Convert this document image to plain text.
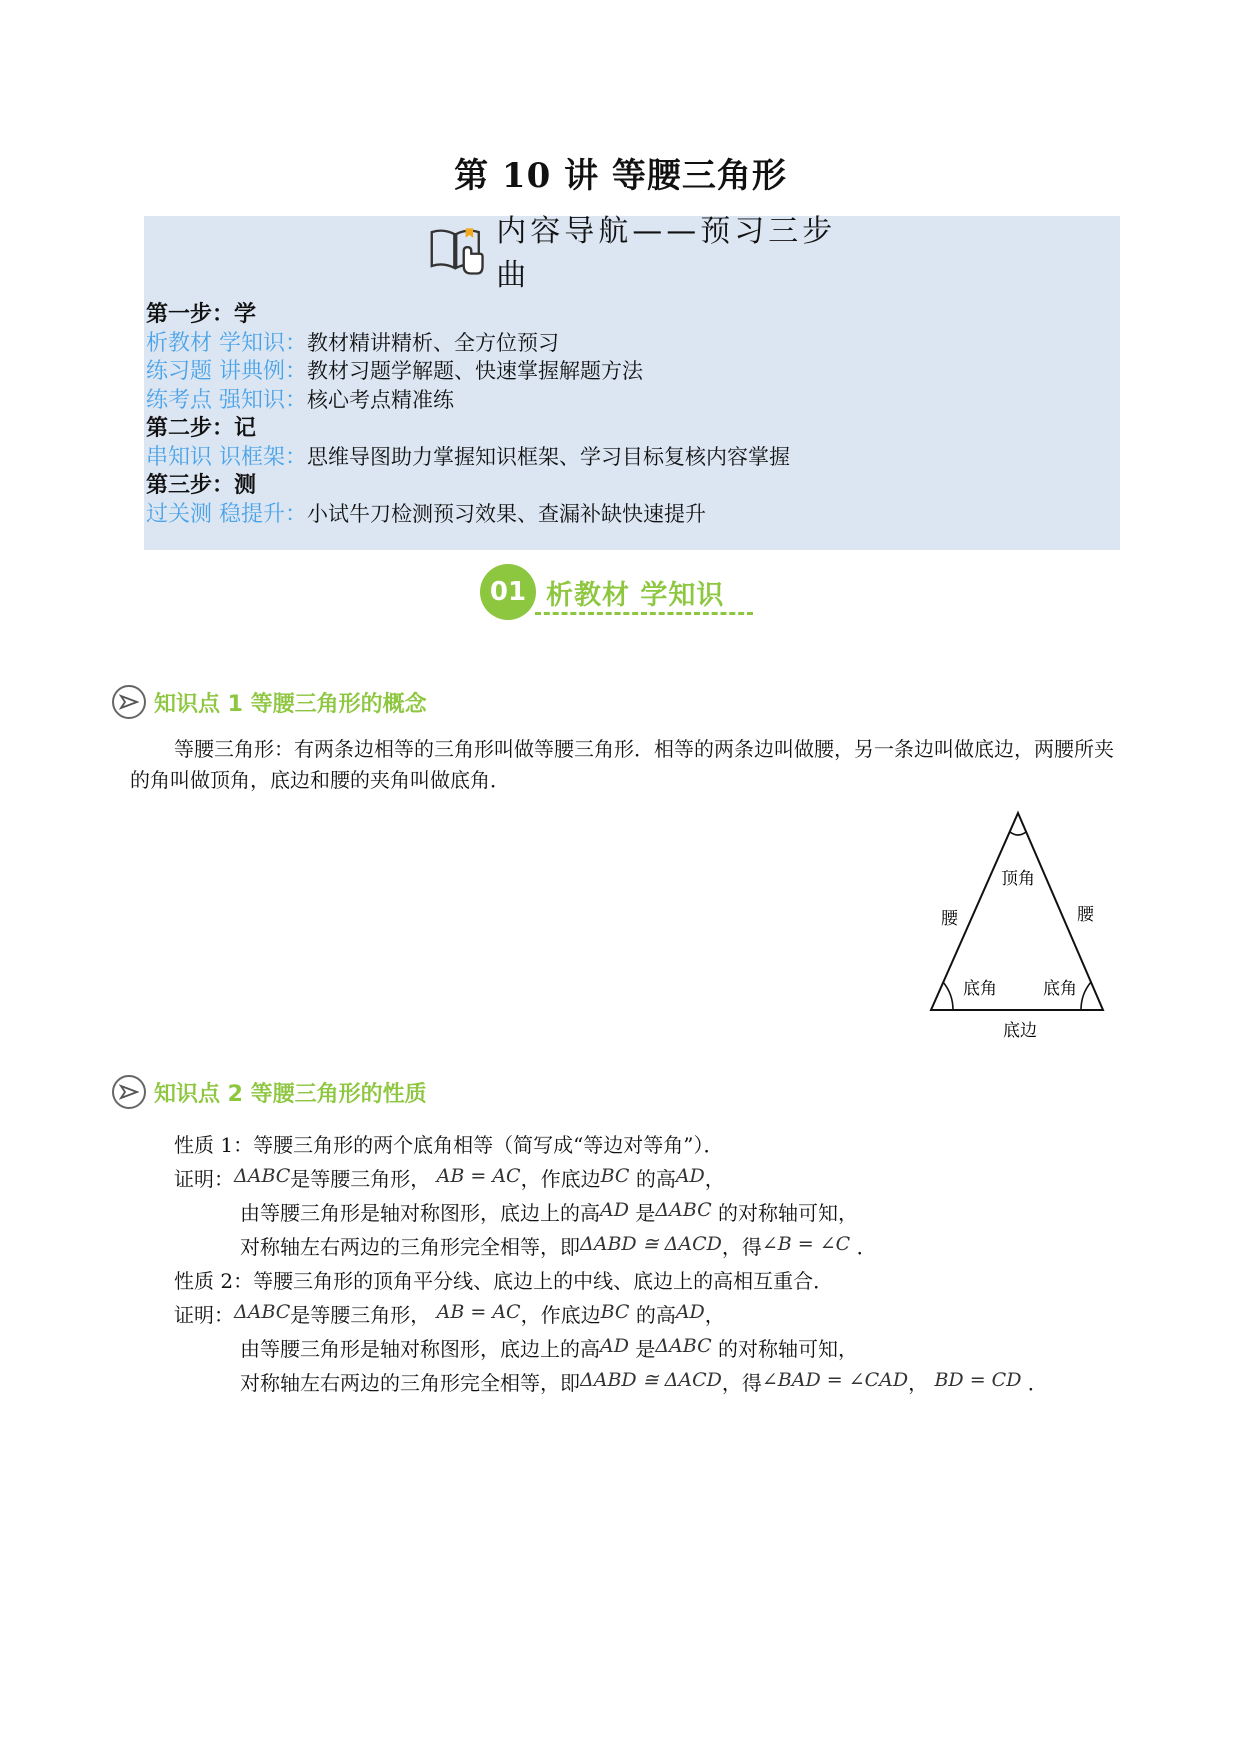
第 10 讲 等腰三角形
内容导航——预习三步曲
第一步：学
析教材 学知识：教材精讲精析、全方位预习
练习题 讲典例：教材习题学解题、快速掌握解题方法
练考点 强知识：核心考点精准练
第二步：记
串知识 识框架：思维导图助力掌握知识框架、学习目标复核内容掌握
第三步：测
过关测 稳提升：小试牛刀检测预习效果、查漏补缺快速提升
01 析教材 学知识
知识点 1 等腰三角形的概念
等腰三角形：有两条边相等的三角形叫做等腰三角形．相等的两条边叫做腰，另一条边叫做底边，两腰所夹的角叫做顶角，底边和腰的夹角叫做底角．
顶角
腰	腰
底角	底角
底边
知识点 2 等腰三角形的性质
性质 1：等腰三角形的两个底角相等（简写成“等边对等角”）．
证明：ΔABC是等腰三角形， AB = AC，作底边BC 的高AD，
由等腰三角形是轴对称图形，底边上的高AD 是ΔABC 的对称轴可知，
对称轴左右两边的三角形完全相等，即ΔABD ≅ ΔACD，得∠B = ∠C ．
性质 2：等腰三角形的顶角平分线、底边上的中线、底边上的高相互重合．
证明：ΔABC是等腰三角形， AB = AC，作底边BC 的高AD，
由等腰三角形是轴对称图形，底边上的高AD 是ΔABC 的对称轴可知，
对称轴左右两边的三角形完全相等，即ΔABD ≅ ΔACD，得∠BAD = ∠CAD， BD = CD ．
